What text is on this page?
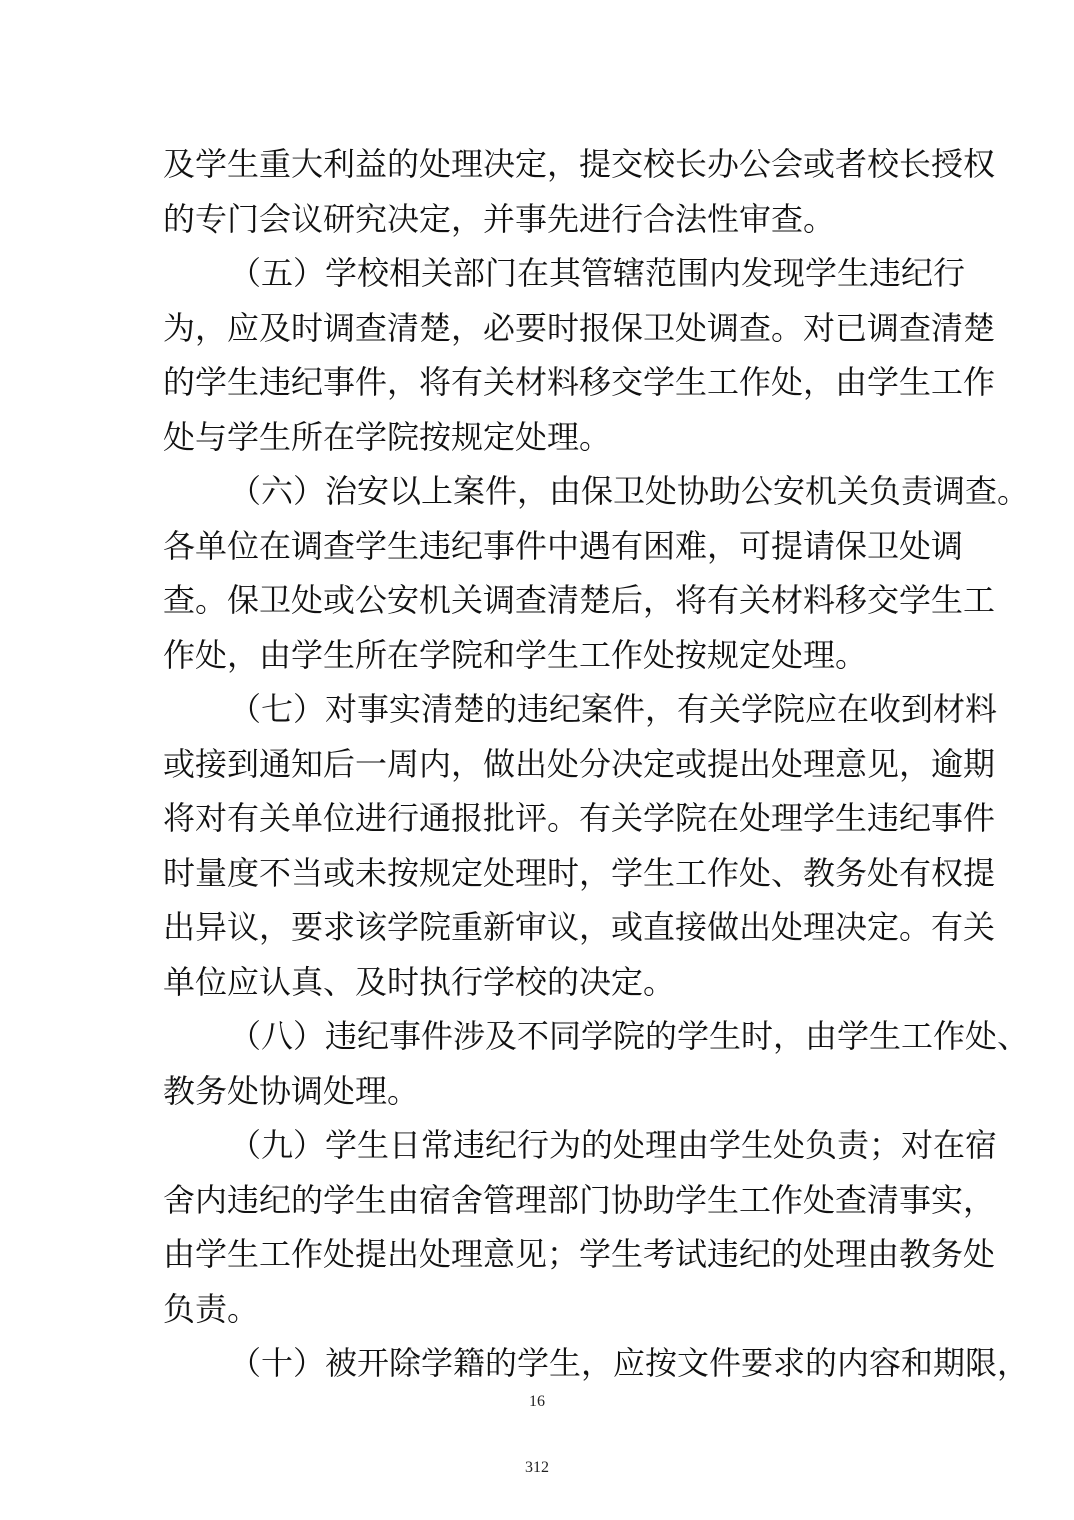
及学生重大利益的处理决定，提交校长办公会或者校长授权
的专门会议研究决定，并事先进行合法性审查。
（五）学校相关部门在其管辖范围内发现学生违纪行
为，应及时调查清楚，必要时报保卫处调查。对已调查清楚
的学生违纪事件，将有关材料移交学生工作处，由学生工作
处与学生所在学院按规定处理。
（六）治安以上案件，由保卫处协助公安机关负责调查。
各单位在调查学生违纪事件中遇有困难，可提请保卫处调
查。保卫处或公安机关调查清楚后，将有关材料移交学生工
作处，由学生所在学院和学生工作处按规定处理。
（七）对事实清楚的违纪案件，有关学院应在收到材料
或接到通知后一周内，做出处分决定或提出处理意见，逾期
将对有关单位进行通报批评。有关学院在处理学生违纪事件
时量度不当或未按规定处理时，学生工作处、教务处有权提
出异议，要求该学院重新审议，或直接做出处理决定。有关
单位应认真、及时执行学校的决定。
（八）违纪事件涉及不同学院的学生时，由学生工作处、
教务处协调处理。
（九）学生日常违纪行为的处理由学生处负责；对在宿
舍内违纪的学生由宿舍管理部门协助学生工作处查清事实，
由学生工作处提出处理意见；学生考试违纪的处理由教务处
负责。
（十）被开除学籍的学生，应按文件要求的内容和期限，
16
312
